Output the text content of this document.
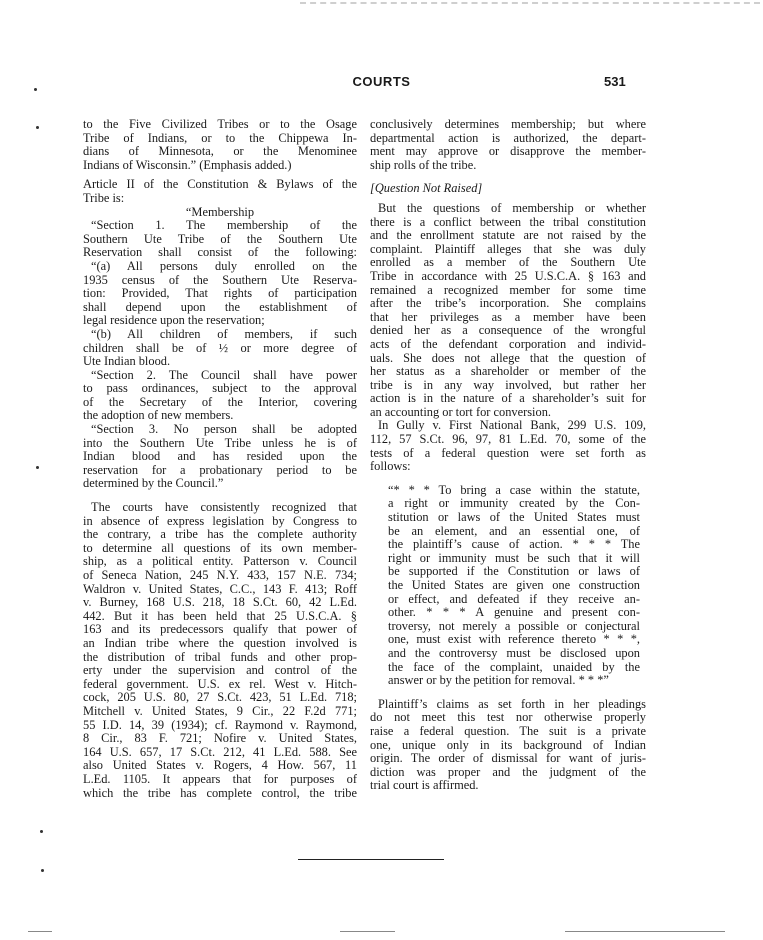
COURTS	531
to the Five Civilized Tribes or to the Osage
Tribe of Indians, or to the Chippewa In-
dians of Minnesota, or the Menominee
Indians of Wisconsin.” (Emphasis added.)
Article II of the Constitution & Bylaws of the
Tribe is:
“Membership
“Section 1. The membership of the
Southern Ute Tribe of the Southern Ute
Reservation shall consist of the following:
“(a) All persons duly enrolled on the
1935 census of the Southern Ute Reserva-
tion: Provided, That rights of participation
shall depend upon the establishment of
legal residence upon the reservation;
“(b) All children of members, if such
children shall be of ½ or more degree of
Ute Indian blood.
“Section 2. The Council shall have power
to pass ordinances, subject to the approval
of the Secretary of the Interior, covering
the adoption of new members.
“Section 3. No person shall be adopted
into the Southern Ute Tribe unless he is of
Indian blood and has resided upon the
reservation for a probationary period to be
determined by the Council.”
The courts have consistently recognized that
in absence of express legislation by Congress to
the contrary, a tribe has the complete authority
to determine all questions of its own member-
ship, as a political entity. Patterson v. Council
of Seneca Nation, 245 N.Y. 433, 157 N.E. 734;
Waldron v. United States, C.C., 143 F. 413; Roff
v. Burney, 168 U.S. 218, 18 S.Ct. 60, 42 L.Ed.
442. But it has been held that 25 U.S.C.A. §
163 and its predecessors qualify that power of
an Indian tribe where the question involved is
the distribution of tribal funds and other prop-
erty under the supervision and control of the
federal government. U.S. ex rel. West v. Hitch-
cock, 205 U.S. 80, 27 S.Ct. 423, 51 L.Ed. 718;
Mitchell v. United States, 9 Cir., 22 F.2d 771;
55 I.D. 14, 39 (1934); cf. Raymond v. Raymond,
8 Cir., 83 F. 721; Nofire v. United States,
164 U.S. 657, 17 S.Ct. 212, 41 L.Ed. 588. See
also United States v. Rogers, 4 How. 567, 11
L.Ed. 1105. It appears that for purposes of
which the tribe has complete control, the tribe
conclusively determines membership; but where
departmental action is authorized, the depart-
ment may approve or disapprove the member-
ship rolls of the tribe.
[Question Not Raised]
But the questions of membership or whether
there is a conflict between the tribal constitution
and the enrollment statute are not raised by the
complaint. Plaintiff alleges that she was duly
enrolled as a member of the Southern Ute
Tribe in accordance with 25 U.S.C.A. § 163 and
remained a recognized member for some time
after the tribe’s incorporation. She complains
that her privileges as a member have been
denied her as a consequence of the wrongful
acts of the defendant corporation and individ-
uals. She does not allege that the question of
her status as a shareholder or member of the
tribe is in any way involved, but rather her
action is in the nature of a shareholder’s suit for
an accounting or tort for conversion.
In Gully v. First National Bank, 299 U.S. 109,
112, 57 S.Ct. 96, 97, 81 L.Ed. 70, some of the
tests of a federal question were set forth as
follows:
“* * * To bring a case within the statute,
a right or immunity created by the Con-
stitution or laws of the United States must
be an element, and an essential one, of
the plaintiff’s cause of action. * * * The
right or immunity must be such that it will
be supported if the Constitution or laws of
the United States are given one construction
or effect, and defeated if they receive an-
other. * * * A genuine and present con-
troversy, not merely a possible or conjectural
one, must exist with reference thereto * * *,
and the controversy must be disclosed upon
the face of the complaint, unaided by the
answer or by the petition for removal. * * *”
Plaintiff’s claims as set forth in her pleadings
do not meet this test nor otherwise properly
raise a federal question. The suit is a private
one, unique only in its background of Indian
origin. The order of dismissal for want of juris-
diction was proper and the judgment of the
trial court is affirmed.
